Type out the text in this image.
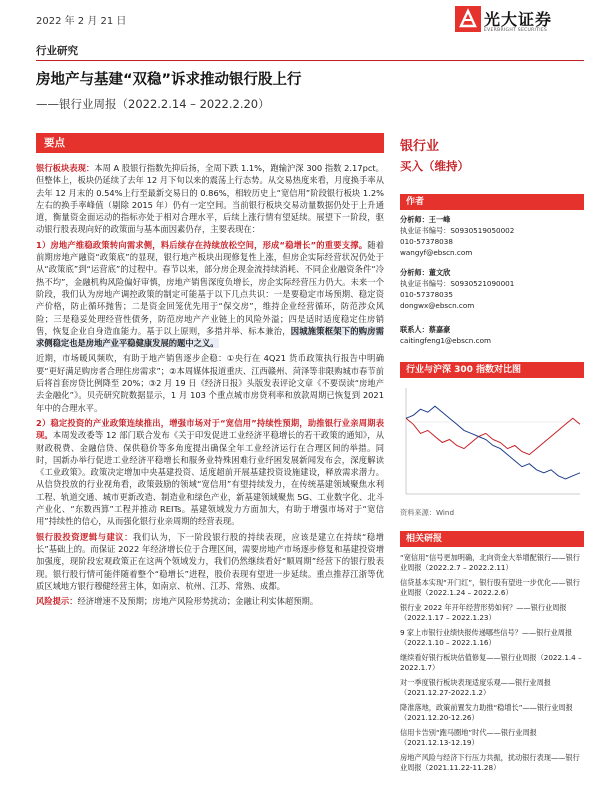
2022 年 2 月 21 日	光大证券
EVERBRIGHT SECURITIES
行业研究
房地产与基建“双稳”诉求推动银行股上行
——银行业周报（2022.2.14 – 2022.2.20）
要点

银行板块表现：本周 A 股银行指数先抑后扬，全周下跌 1.1%，跑输沪深 300 指数 2.17pct。但整体上，板块仍延续了去年 12 月下旬以来的震荡上行态势。从交易热度来看，月度换手率从去年 12 月末的 0.54%上行至最新交易日的 0.86%，相较历史上“宽信用”阶段银行板块 1.2%左右的换手率峰值（剔除 2015 年）仍有一定空间。当前银行板块交易动量数据仍处于上升通道，衡量资金面运动的指标亦处于相对合理水平，后续上涨行情有望延续。展望下一阶段，驱动银行股表现向好的政策面与基本面因素仍存，主要表现在：

1）房地产维稳政策转向需求侧，料后续存在持续放松空间，形成“稳增长”的重要支撑。随着前期房地产融资“政策底”的显现，银行地产板块出现修复性上涨，但房企实际经营状况仍处于从“政策底”到“运营底”的过程中。春节以来，部分房企现金流持续消耗、不同企业融资条件“冷热不均”，金融机构风险偏好审慎，房地产销售深度负增长，房企实际经营压力仍大。未来一个阶段，我们认为房地产调控政策的制定可能基于以下几点共识：一是要稳定市场预期、稳定资产价格，防止循环抛售；二是资金回笼优先用于“保交房”，维持企业经营循环，防范涉众风险；三是稳妥处理经营性债务，防范房地产产业链上的风险外溢；四是适时适度稳定住房销售，恢复企业自身造血能力。基于以上原则，多措并举、标本兼治，因城施策框架下的购房需求侧稳定也是房地产业平稳健康发展的题中之义。

近期，市场暖风频吹，有助于地产销售逐步企稳：①央行在 4Q21 货币政策执行报告中明确要“更好满足购房者合理住房需求”；②本周媒体报道重庆、江西赣州、菏泽等非限购城市春节前后将首套房贷比例降至 20%；③2 月 19 日《经济日报》头版发表评论文章《不要误读“房地产去金融化”》。贝壳研究院数据显示，1 月 103 个重点城市房贷利率和放款周期已恢复到 2021 年中的合理水平。

2）稳定投资的产业政策连续推出，增强市场对于“宽信用”持续性预期，助推银行业亲周期表现。本周发改委等 12 部门联合发布《关于印发促进工业经济平稳增长的若干政策的通知》，从财政税费、金融信贷、保供稳价等多角度提出确保全年工业经济运行在合理区间的举措。同时，国新办举行促进工业经济平稳增长和服务业特殊困难行业纾困发展新闻发布会，深度解读《工业政策》。政策决定增加中央基建投资、适度超前开展基建投资设施建设，释放需求潜力。从信贷投放的行业视角看，政策鼓励的领域“宽信用”有望持续发力，在传统基建领域聚焦水利工程、轨道交通、城市更新改造、制造业和绿色产业，新基建领域聚焦 5G、工业数字化、北斗产业化、“东数西算”工程并推动 REITs。基建领域发力方面加大，有助于增强市场对于“宽信用”持续性的信心，从而强化银行业亲周期的经营表现。

银行股投资逻辑与建议：我们认为，下一阶段银行股的持续表现，应该是建立在持续“稳增长”基础上的。而保证 2022 年经济增长位于合理区间，需要房地产市场逐步修复和基建投资增加强度，现阶段宏观政策正在这两个领域发力，我们仍然继续看好“顺周期”经营下的银行股表现。银行股行情可能伴随着整个“稳增长”进程，股价表现有望进一步延续。重点推荐江浙等优质区域地方银行穆健经营主体，如南京、杭州、江苏、常熟、成都。

风险提示：经济增速不及预期；房地产风险形势扰动；金融让利实体超预期。

银行业
买入（维持）
作者
分析师：王一峰
执业证书编号：S0930519050002
010-57378038
wangyf@ebscn.com
分析师：董文欣
执业证书编号：S0930521090001
010-57378035
dongwx@ebscn.com
联系人：蔡嘉豪
caitingfeng1@ebscn.com
行业与沪深 300 指数对比图
资料来源：Wind
相关研报
“宽信用”信号更加明确，北向资金大举增配银行——银行业周报（2022.2.7 – 2022.2.11）
信贷基本实现“开门红”，银行股有望进一步优化——银行业周报（2022.1.24 – 2022.2.6）
银行业 2022 年开年经营形势如何？——银行业周报（2022.1.17 – 2022.1.23）
9 家上市银行业绩快报传递哪些信号？——银行业周报（2022.1.10 – 2022.1.16）
继续看好银行板块估值修复——银行业周报（2022.1.4 – 2022.1.7）
对一季度银行板块表现适度乐观——银行业周报（2021.12.27-2022.1.2）
降准落地，政策前置发力助推“稳增长”——银行业周报（2021.12.20-12.26）
信用卡告别“跑马圈地”时代——银行业周报（2021.12.13-12.19）
房地产风险与经济下行压力共振，扰动银行表现——银行业周报（2021.11.22-11.28）
